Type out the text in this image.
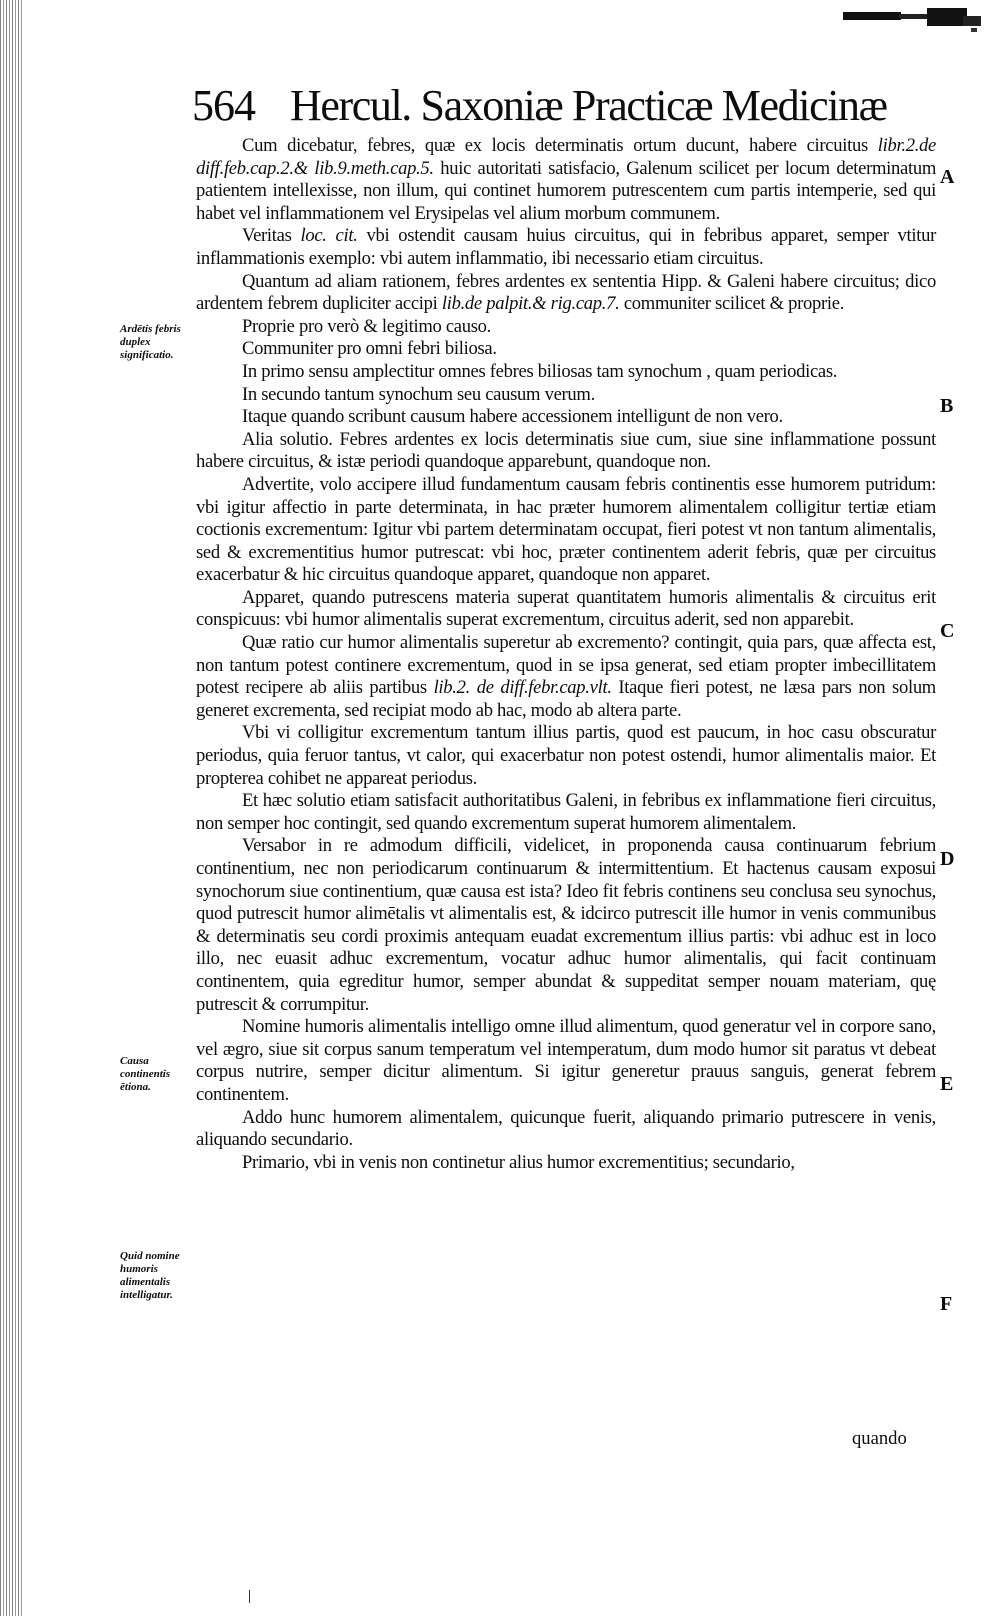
564 Hercul. Saxoniæ Practicæ Medicinæ

Cum dicebatur, febres, quæ ex locis determinatis ortum ducunt, habere circuitus libr.2.de diff.feb.cap.2.& lib.9.meth.cap.5. huic autoritati satisfacio, Galenum scilicet per locum determinatum patientem intellexisse, non illum, qui continet humorem putrescentem cum partis intemperie, sed qui habet vel inflammationem vel Erysipelas vel alium morbum communem.

Veritas loc. cit. vbi ostendit causam huius circuitus, qui in febribus apparet, semper vtitur inflammationis exemplo: vbi autem inflammatio, ibi necessario etiam circuitus.

Quantum ad aliam rationem, febres ardentes ex sententia Hipp. & Galeni habere circuitus; dico ardentem febrem dupliciter accipi lib.de palpit.& rig.cap.7. communiter scilicet & proprie.

Proprie pro verò & legitimo causo.

Communiter pro omni febri biliosa.

In primo sensu amplectitur omnes febres biliosas tam synochum , quam periodicas.

In secundo tantum synochum seu causum verum.

Itaque quando scribunt causum habere accessionem intelligunt de non vero.

Alia solutio. Febres ardentes ex locis determinatis siue cum, siue sine inflammatione possunt habere circuitus, & istæ periodi quandoque apparebunt, quandoque non.

Advertite, volo accipere illud fundamentum causam febris continentis esse humorem putridum: vbi igitur affectio in parte determinata, in hac præter humorem alimentalem colligitur tertiæ etiam coctionis excrementum: Igitur vbi partem determinatam occupat, fieri potest vt non tantum alimentalis, sed & excrementitius humor putrescat: vbi hoc, præter continentem aderit febris, quæ per circuitus exacerbatur & hic circuitus quandoque apparet, quandoque non apparet.

Apparet, quando putrescens materia superat quantitatem humoris alimentalis & circuitus erit conspicuus: vbi humor alimentalis superat excrementum, circuitus aderit, sed non apparebit.

Quæ ratio cur humor alimentalis superetur ab excremento? contingit, quia pars, quæ affecta est, non tantum potest continere excrementum, quod in se ipsa generat, sed etiam propter imbecillitatem potest recipere ab aliis partibus lib.2. de diff.febr.cap.vlt. Itaque fieri potest, ne læsa pars non solum generet excrementa, sed recipiat modo ab hac, modo ab altera parte.

Vbi vi colligitur excrementum tantum illius partis, quod est paucum, in hoc casu obscuratur periodus, quia feruor tantus, vt calor, qui exacerbatur non potest ostendi, humor alimentalis maior. Et propterea cohibet ne appareat periodus.

Et hæc solutio etiam satisfacit authoritatibus Galeni, in febribus ex inflammatione fieri circuitus, non semper hoc contingit, sed quando excrementum superat humorem alimentalem.

Versabor in re admodum difficili, videlicet, in proponenda causa continuarum febrium continentium, nec non periodicarum continuarum & intermittentium. Et hactenus causam exposui synochorum siue continentium, quæ causa est ista? Ideo fit febris continens seu conclusa seu synochus, quod putrescit humor alimētalis vt alimentalis est, & idcirco putrescit ille humor in venis communibus & determinatis seu cordi proximis antequam euadat excrementum illius partis: vbi adhuc est in loco illo, nec euasit adhuc excrementum, vocatur adhuc humor alimentalis, qui facit continuam continentem, quia egreditur humor, semper abundat & suppeditat semper nouam materiam, quę putrescit & corrumpitur.

Nomine humoris alimentalis intelligo omne illud alimentum, quod generatur vel in corpore sano, vel ægro, siue sit corpus sanum temperatum vel intemperatum, dum modo humor sit paratus vt debeat corpus nutrire, semper dicitur alimentum. Si igitur generetur prauus sanguis, generat febrem continentem.

Addo hunc humorem alimentalem, quicunque fuerit, aliquando primario putrescere in venis, aliquando secundario.

Primario, vbi in venis non continetur alius humor excrementitius; secundario,

quando
Ardētis febris duplex significatio.
Causa continentis ētiona.
Quid nomine humoris alimentalis intelligatur.
A
B
C
D
E
F
